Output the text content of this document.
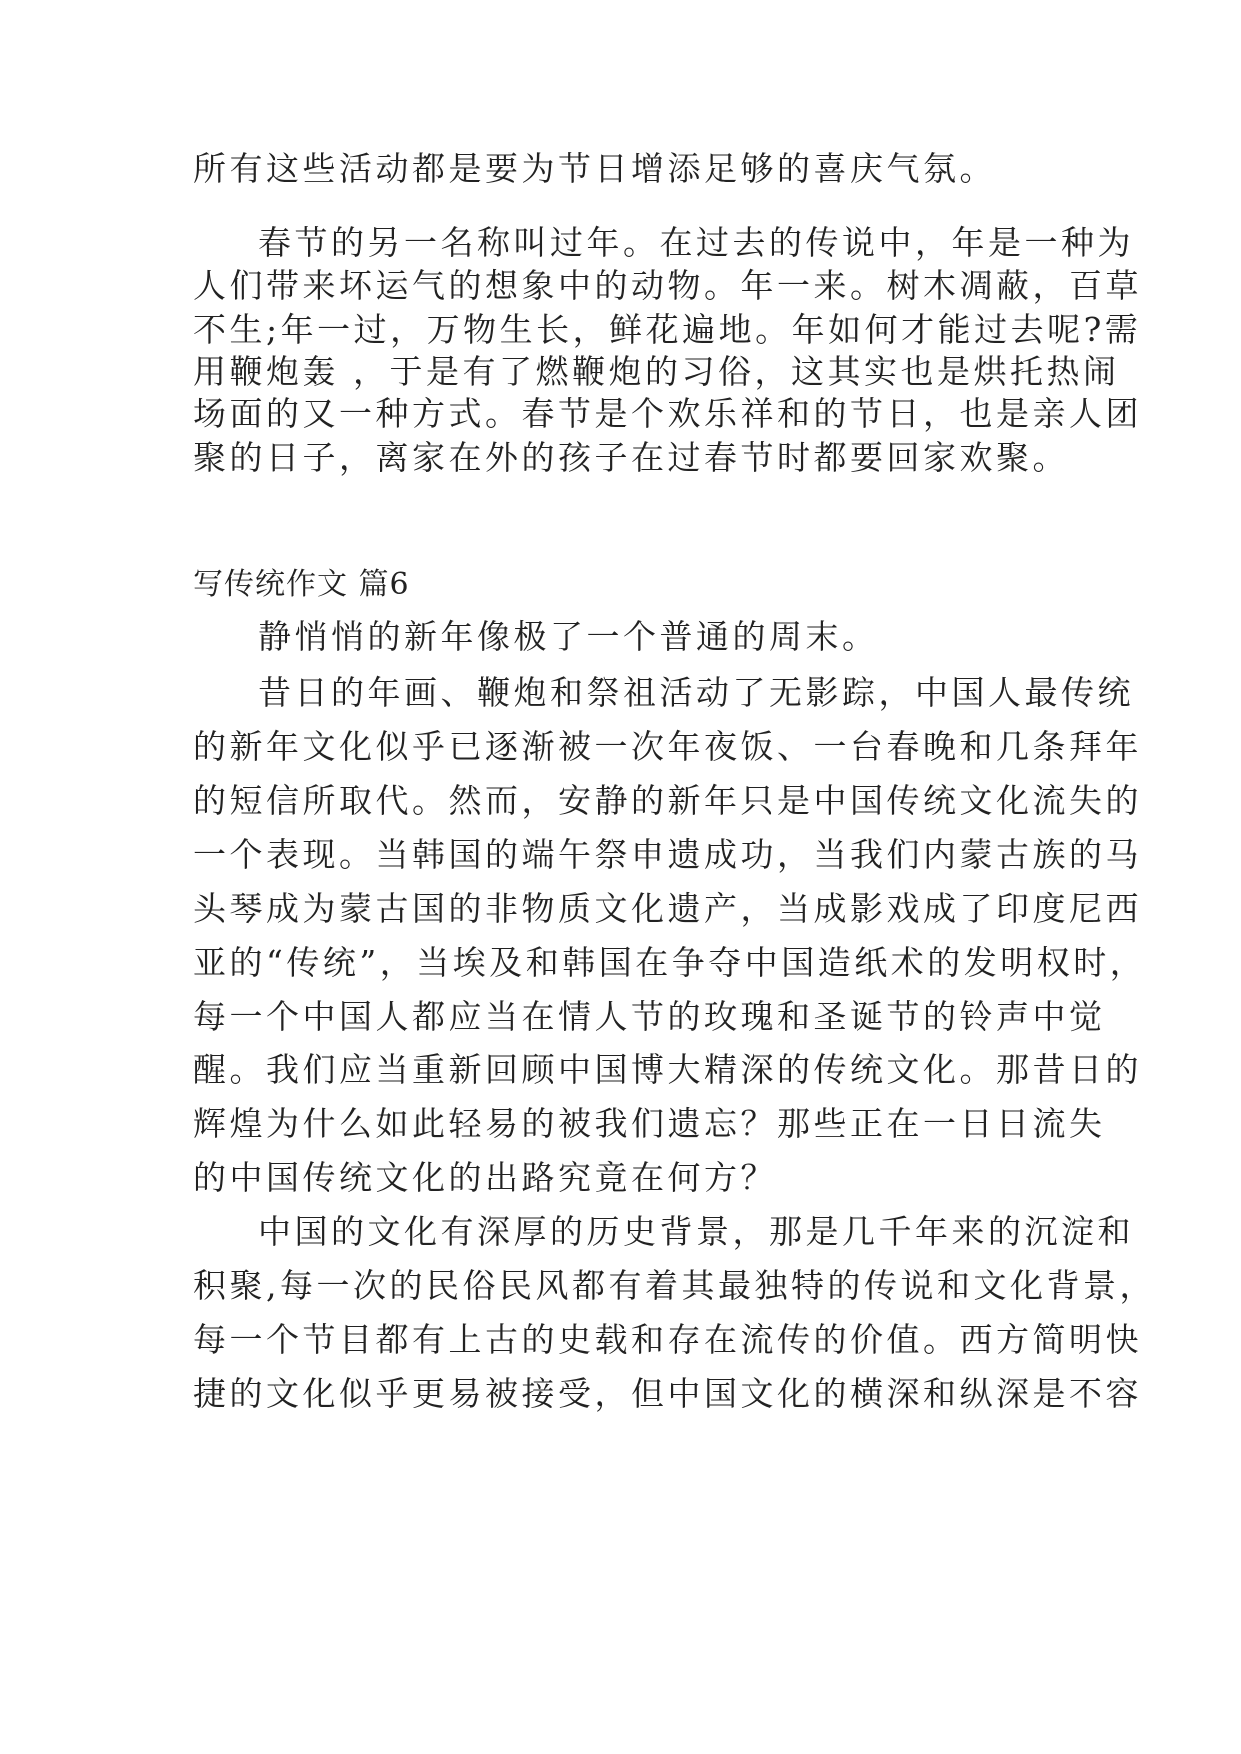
所有这些活动都是要为节日增添足够的喜庆气氛。
春节的另一名称叫过年。在过去的传说中，年是一种为
人们带来坏运气的想象中的动物。年一来。树木凋蔽，百草
不生;年一过，万物生长，鲜花遍地。年如何才能过去呢?需
用鞭炮轰 ，于是有了燃鞭炮的习俗，这其实也是烘托热闹
场面的又一种方式。春节是个欢乐祥和的节日，也是亲人团
聚的日子，离家在外的孩子在过春节时都要回家欢聚。
写传统作文 篇6
静悄悄的新年像极了一个普通的周末。
昔日的年画、鞭炮和祭祖活动了无影踪，中国人最传统
的新年文化似乎已逐渐被一次年夜饭、一台春晚和几条拜年
的短信所取代。然而，安静的新年只是中国传统文化流失的
一个表现。当韩国的端午祭申遗成功，当我们内蒙古族的马
头琴成为蒙古国的非物质文化遗产，当成影戏成了印度尼西
亚的“传统”，当埃及和韩国在争夺中国造纸术的发明权时，
每一个中国人都应当在情人节的玫瑰和圣诞节的铃声中觉
醒。我们应当重新回顾中国博大精深的传统文化。那昔日的
辉煌为什么如此轻易的被我们遗忘？那些正在一日日流失
的中国传统文化的出路究竟在何方？
中国的文化有深厚的历史背景，那是几千年来的沉淀和
积聚,每一次的民俗民风都有着其最独特的传说和文化背景，
每一个节目都有上古的史载和存在流传的价值。西方简明快
捷的文化似乎更易被接受，但中国文化的横深和纵深是不容
